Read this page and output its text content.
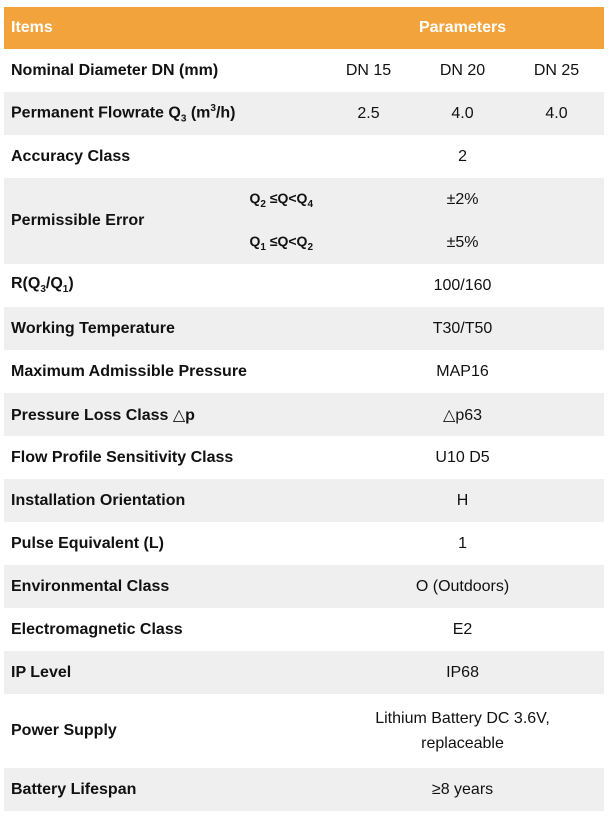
Items		Parameters		
Nominal Diameter DN (mm)		DN 15	DN 20	DN 25
Permanent Flowrate $Q_3$ $(m^3/h)$		2.5	4.0	4.0
Accuracy Class		2		
Permissible Error	$Q_2 \le Q<Q_4$	±2%		
	$Q_1 \le Q<Q_2$	±5%		
$R(Q_3/Q_1)$		100/160		
Working Temperature		T30/T50		
Maximum Admissible Pressure		MAP16		
Pressure Loss Class △p		△p63		
Flow Profile Sensitivity Class		U10 D5		
Installation Orientation		H		
Pulse Equivalent (L)		1		
Environmental Class		O (Outdoors)		
Electromagnetic Class		E2		
IP Level		IP68		
Power Supply		Lithium Battery DC 3.6V,
replaceable		

Battery Lifespan		≥8 years		
